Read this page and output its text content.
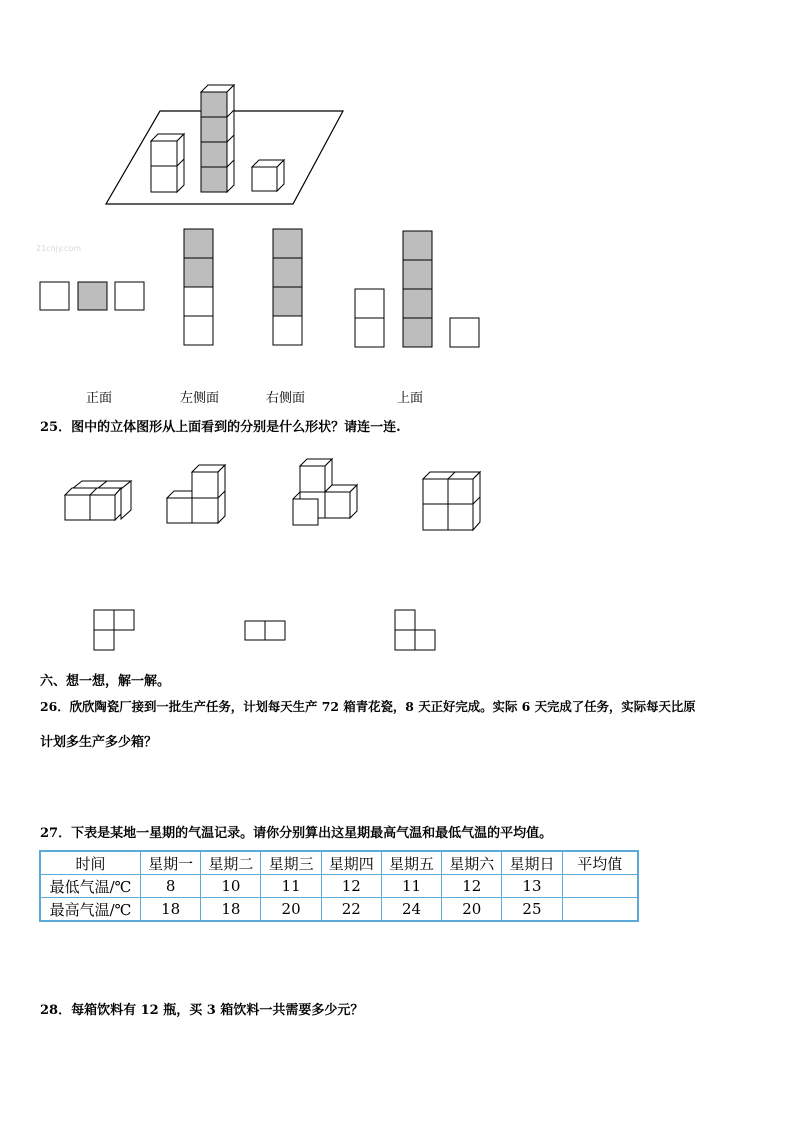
21cnjy.com
正面	左侧面	右侧面	上面
25．图中的立体图形从上面看到的分别是什么形状？请连一连.
六、想一想，解一解。
26．欣欣陶瓷厂接到一批生产任务，计划每天生产 72 箱青花瓷，8 天正好完成。实际 6 天完成了任务，实际每天比原
计划多生产多少箱？
27．下表是某地一星期的气温记录。请你分别算出这星期最高气温和最低气温的平均值。
时间	星期一	星期二	星期三	星期四	星期五	星期六	星期日	平均值
最低气温/℃	8	10	11	12	11	12	13	
最高气温/℃	18	18	20	22	24	20	25	
28．每箱饮料有 12 瓶，买 3 箱饮料一共需要多少元？
